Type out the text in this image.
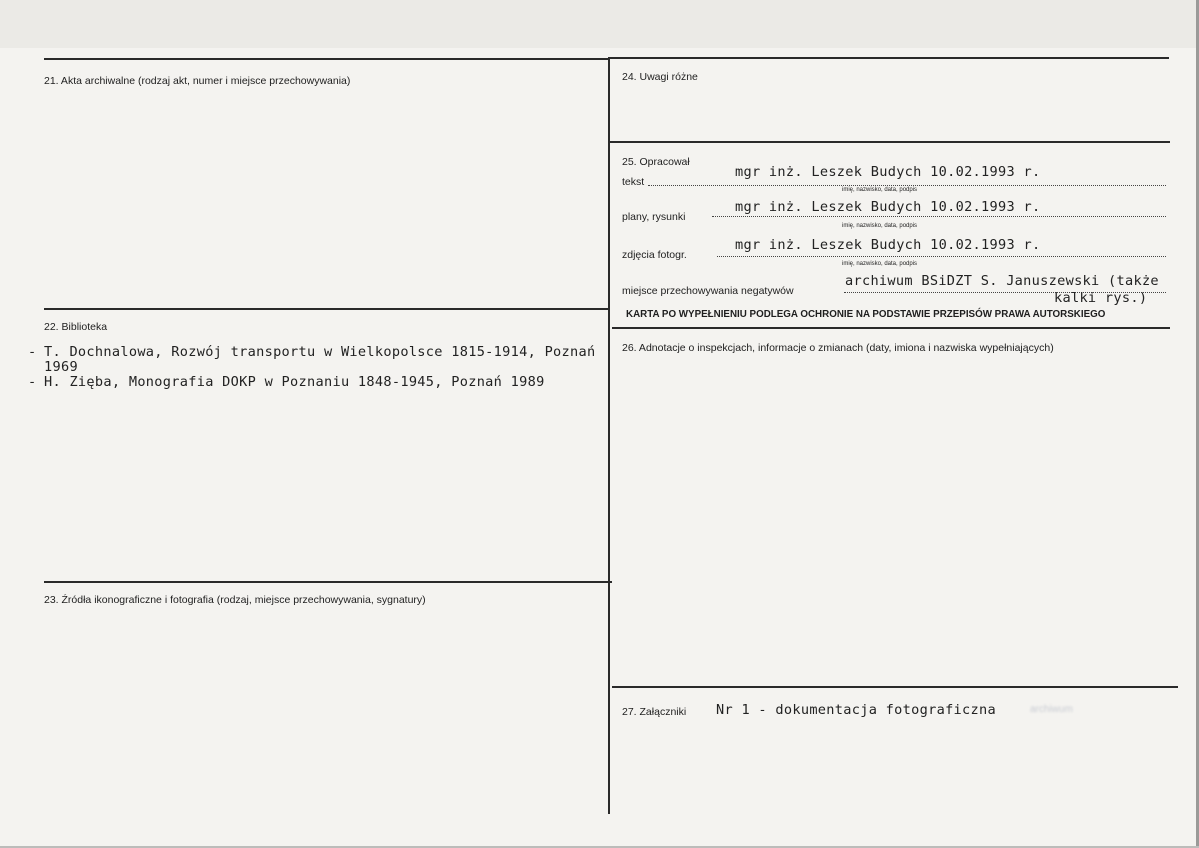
21. Akta archiwalne (rodzaj akt, numer i miejsce przechowywania)
22. Biblioteka
- T. Dochnalowa, Rozwój transportu w Wielkopolsce 1815-1914, Poznań
1969
- H. Zięba, Monografia DOKP w Poznaniu 1848-1945, Poznań 1989
23. Źródła ikonograficzne i fotografia (rodzaj, miejsce przechowywania, sygnatury)
24. Uwagi różne
25. Opracował
tekst
mgr inż. Leszek Budych 10.02.1993 r.
imię, nazwisko, data, podpis
plany, rysunki
mgr inż. Leszek Budych 10.02.1993 r.
imię, nazwisko, data, podpis
zdjęcia fotogr.
mgr inż. Leszek Budych 10.02.1993 r.
imię, nazwisko, data, podpis
miejsce przechowywania negatywów
archiwum BSiDZT S. Januszewski (także
kalki rys.)
KARTA PO WYPEŁNIENIU PODLEGA OCHRONIE NA PODSTAWIE PRZEPISÓW PRAWA AUTORSKIEGO
26. Adnotacje o inspekcjach, informacje o zmianach (daty, imiona i nazwiska wypełniających)
27. Załączniki Nr 1 - dokumentacja fotograficzna	archiwum
